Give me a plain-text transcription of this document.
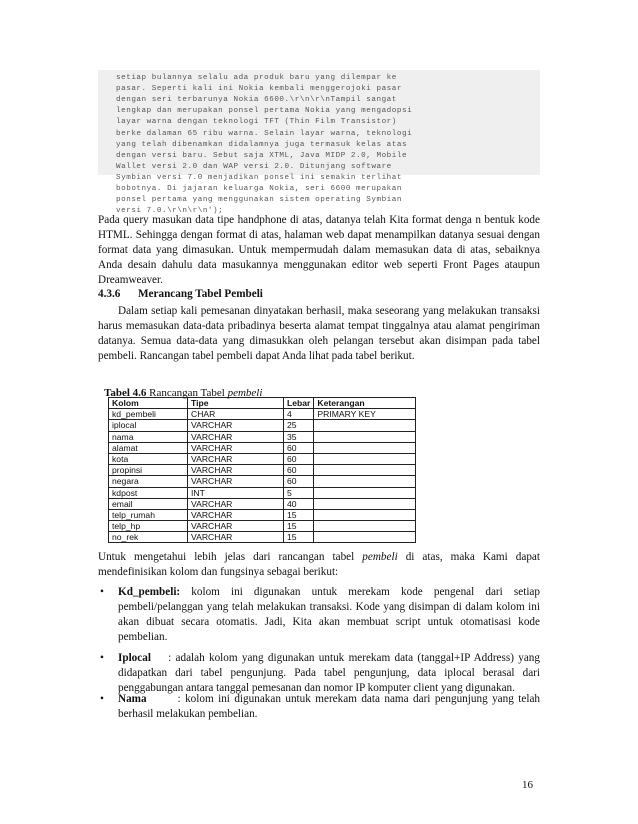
setiap bulannya selalu ada produk baru yang dilempar ke
pasar. Seperti kali ini Nokia kembali menggerojoki pasar
dengan seri terbarunya Nokia 6600.\r\n\r\nTampil sangat
lengkap dan merupakan ponsel pertama Nokia yang mengadopsi
layar warna dengan teknologi TFT (Thin Film Transistor)
berke dalaman 65 ribu warna. Selain layar warna, teknologi
yang telah dibenamkan didalamnya juga termasuk kelas atas
dengan versi baru. Sebut saja XTML, Java MIDP 2.0, Mobile
Wallet versi 2.0 dan WAP versi 2.0. Ditunjang software
Symbian versi 7.0 menjadikan ponsel ini semakin terlihat
bobotnya. Di jajaran keluarga Nokia, seri 6600 merupakan
ponsel pertama yang menggunakan sistem operating Symbian
versi 7.0.\r\n\r\n');

Pada query masukan data tipe handphone di atas, datanya telah Kita format denga n bentuk kode HTML. Sehingga dengan format di atas, halaman web dapat menampilkan datanya sesuai dengan format data yang dimasukan. Untuk mempermudah dalam memasukan data di atas, sebaiknya Anda desain dahulu data masukannya menggunakan editor web seperti Front Pages ataupun Dreamweaver.

4.3.6 Merancang Tabel Pembeli

Dalam setiap kali pemesanan dinyatakan berhasil, maka seseorang yang melakukan transaksi harus memasukan data-data pribadinya beserta alamat tempat tinggalnya atau alamat pengiriman datanya. Semua data-data yang dimasukkan oleh pelangan tersebut akan disimpan pada tabel pembeli. Rancangan tabel pembeli dapat Anda lihat pada tabel berikut.

Tabel 4.6 Rancangan Tabel pembeli
Kolom	Tipe	Lebar	Keterangan
kd_pembeli	CHAR	4	PRIMARY KEY
iplocal	VARCHAR	25	
nama	VARCHAR	35	
alamat	VARCHAR	60	
kota	VARCHAR	60	
propinsi	VARCHAR	60	
negara	VARCHAR	60	
kdpost	INT	5	
email	VARCHAR	40	
telp_rumah	VARCHAR	15	
telp_hp	VARCHAR	15	
no_rek	VARCHAR	15	

Untuk mengetahui lebih jelas dari rancangan tabel pembeli di atas, maka Kami dapat mendefinisikan kolom dan fungsinya sebagai berikut:

• Kd_pembeli: kolom ini digunakan untuk merekam kode pengenal dari setiap pembeli/pelanggan yang telah melakukan transaksi. Kode yang disimpan di dalam kolom ini akan dibuat secara otomatis. Jadi, Kita akan membuat script untuk otomatisasi kode pembelian.
• Iplocal    : adalah kolom yang digunakan untuk merekam data (tanggal+IP Address) yang didapatkan dari tabel pengunjung. Pada tabel pengunjung, data iplocal berasal dari penggabungan antara tanggal pemesanan dan nomor IP komputer client yang digunakan.
• Nama       : kolom ini digunakan untuk merekam data nama dari pengunjung yang telah berhasil melakukan pembelian.
16
